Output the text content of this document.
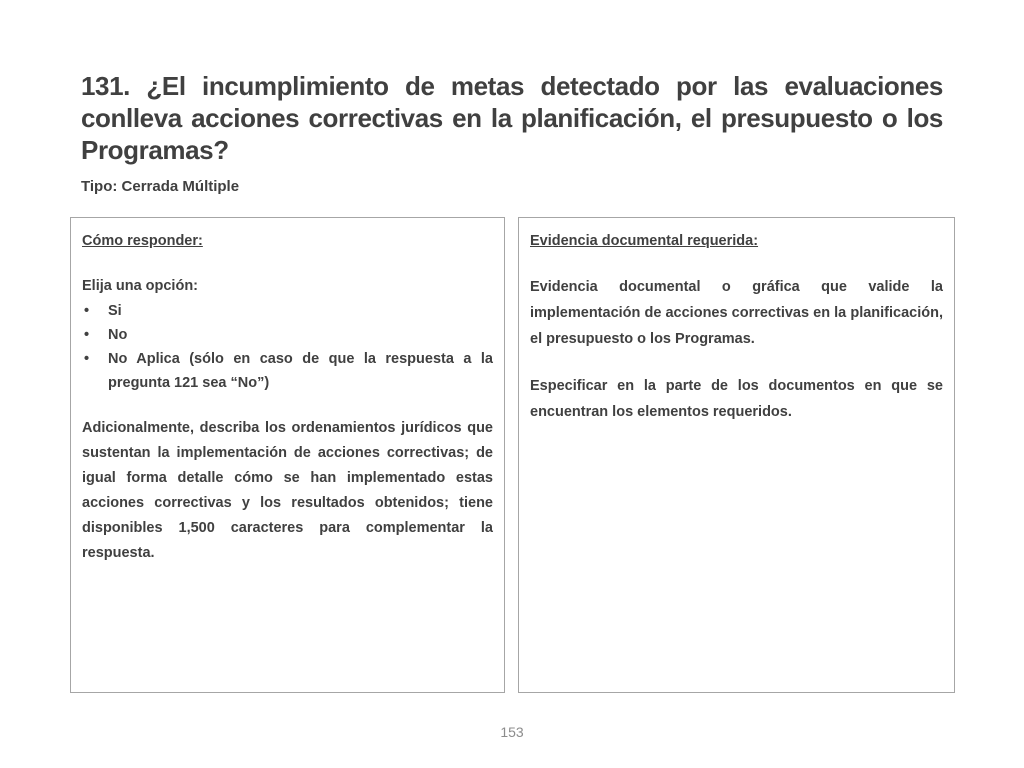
131. ¿El incumplimiento de metas detectado por las evaluaciones conlleva acciones correctivas en la planificación, el presupuesto o los Programas?

Tipo: Cerrada Múltiple

Cómo responder:

Elija una opción:

• Si
• No
• No Aplica (sólo en caso de que la respuesta a la pregunta 121 sea “No”)

Adicionalmente, describa los ordenamientos jurídicos que sustentan la implementación de acciones correctivas; de igual forma detalle cómo se han implementado estas acciones correctivas y los resultados obtenidos; tiene disponibles 1,500 caracteres para complementar la respuesta.

Evidencia documental requerida:

Evidencia documental o gráfica que valide la implementación de acciones correctivas en la planificación, el presupuesto o los Programas.

Especificar en la parte de los documentos en que se encuentran los elementos requeridos.

153
